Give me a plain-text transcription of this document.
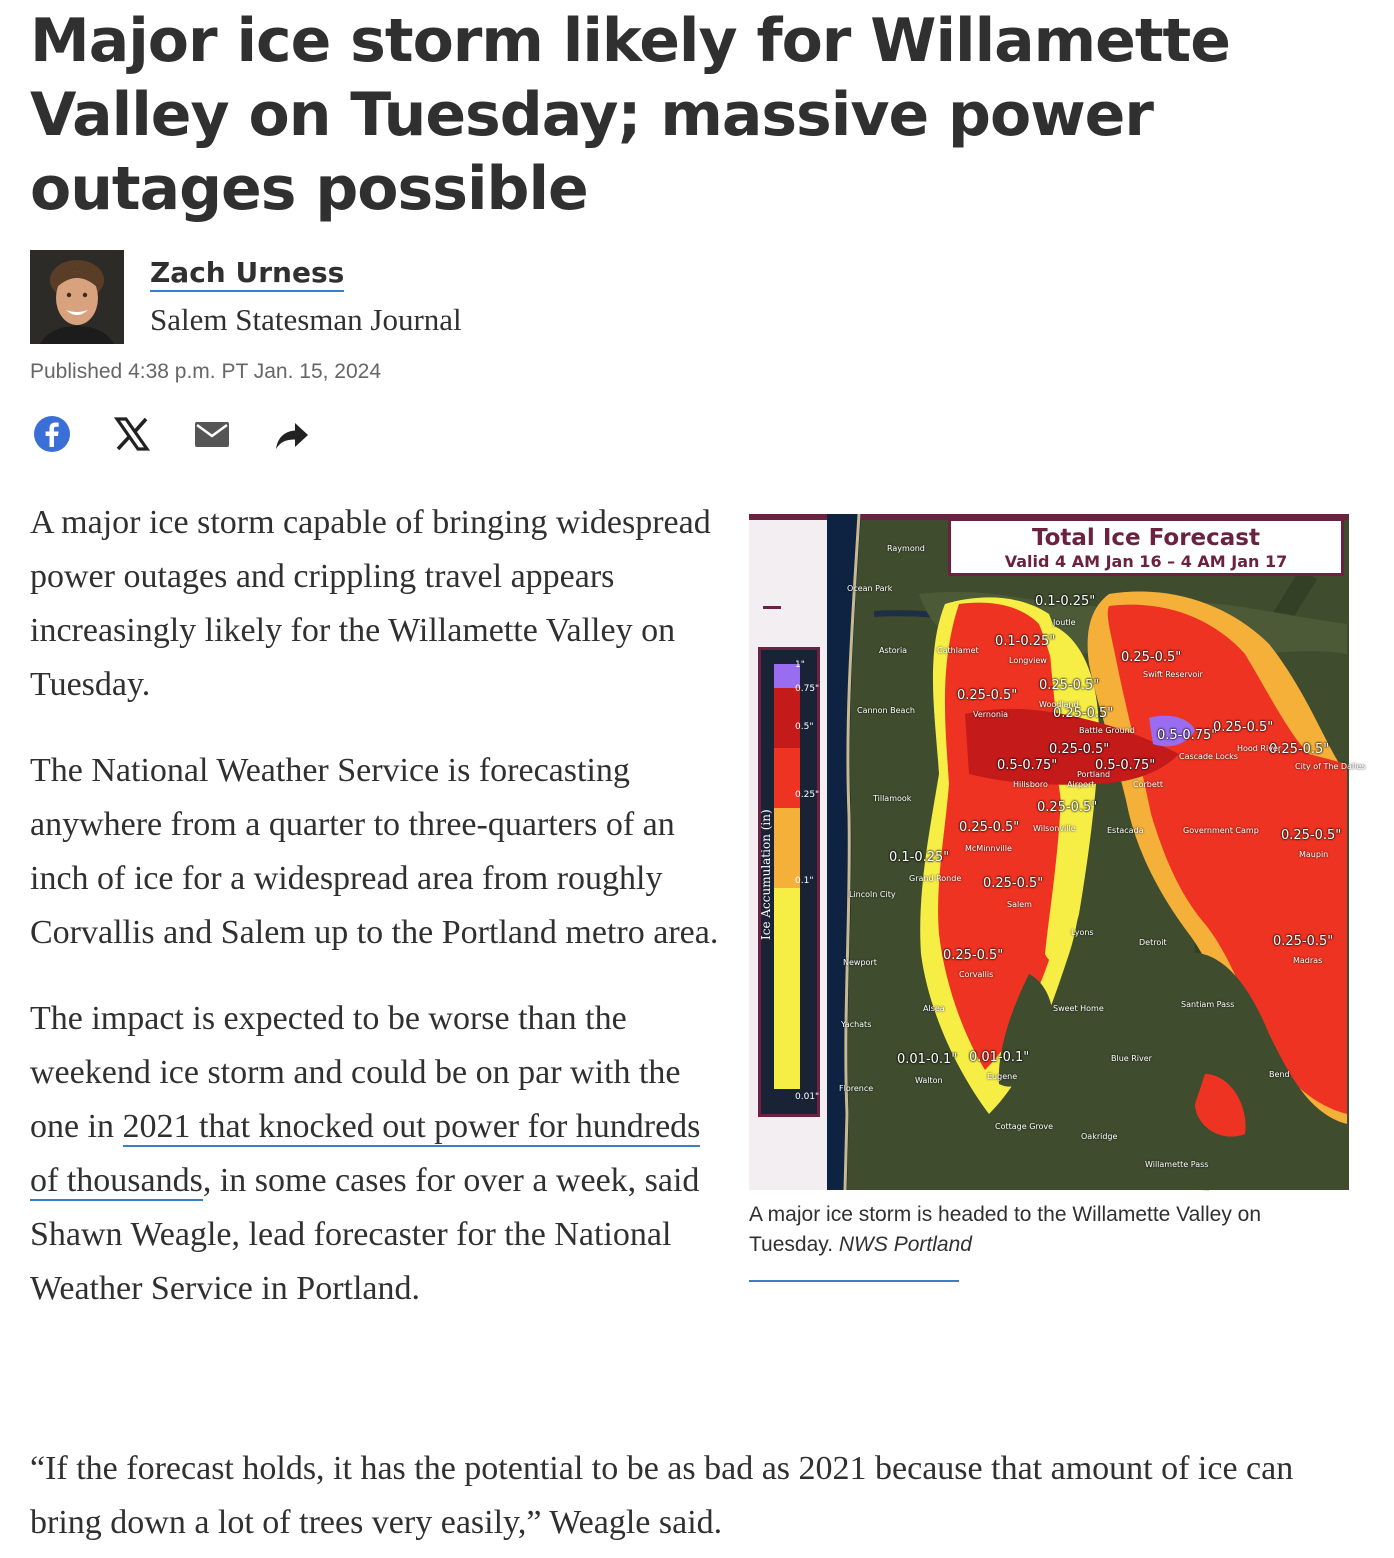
Major ice storm likely for Willamette Valley on Tuesday; massive power outages possible
Zach Urness
Salem Statesman Journal
Published 4:38 p.m. PT Jan. 15, 2024

A major ice storm capable of bringing widespread power outages and crippling travel appears increasingly likely for the Willamette Valley on Tuesday.

The National Weather Service is forecasting anywhere from a quarter to three-quarters of an inch of ice for a widespread area from roughly Corvallis and Salem up to the Portland metro area.

The impact is expected to be worse than the weekend ice storm and could be on par with the one in 2021 that knocked out power for hundreds of thousands, in some cases for over a week, said Shawn Weagle, lead forecaster for the National Weather Service in Portland.

“If the forecast holds, it has the potential to be as bad as 2021 because that amount of ice can bring down a lot of trees very easily,” Weagle said.

Total Ice Forecast
Valid 4 AM Jan 16 – 4 AM Jan 17
1"
0.75"
0.5"
0.25"
0.1"
0.01"
Ice Accumulation (in)
0.1-0.25"
0.1-0.25"
0.25-0.5"
0.25-0.5"
0.25-0.5"
0.25-0.5"
0.5-0.75"
0.25-0.5"
0.5-0.75"	0.5-0.75"
0.25-0.5"
0.25-0.5"
0.25-0.5"
0.25-0.5"
0.1-0.25"
0.25-0.5"
0.25-0.5"
0.25-0.5"
0.25-0.5"
0.01-0.1" 0.01-0.1"
Raymond
Ocean Park
Astoria	Cathlamet
Longview
Swift Reservoir
Vernonia
Woodland
Battle Ground
Cannon Beach
Cascade Locks
Hood River
City of The Dalles
Hillsboro
Portland
Airport	Corbett
Tillamook
Wilsonville	Estacada	Government Camp
McMinnville
Maupin
Grand Ronde
Lincoln City
Salem
Lyons
Detroit
Newport
Corvallis
Madras
Alsea	Sweet Home	Santiam Pass
Blue River
Walton	Eugene	Bend
Cottage Grove
Oakridge
Willamette Pass
Joutle
Florence
Yachats
A major ice storm is headed to the Willamette Valley on Tuesday. NWS Portland
